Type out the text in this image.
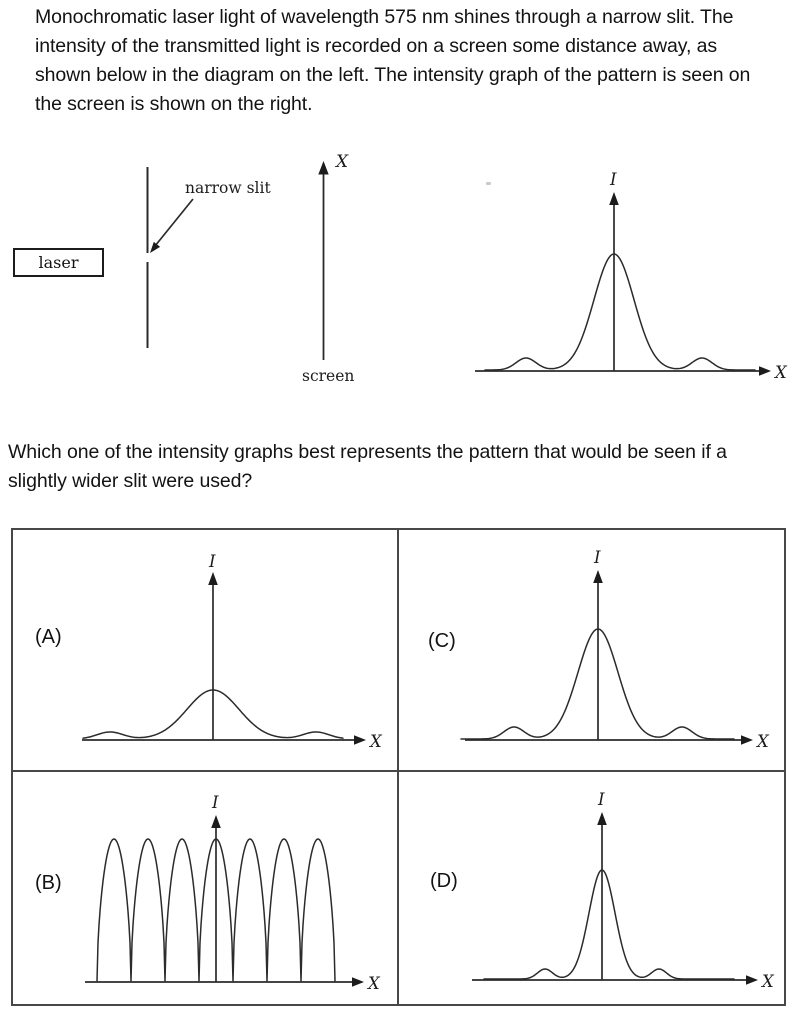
Monochromatic laser light of wavelength 575 nm shines through a narrow slit. The intensity of the transmitted light is recorded on a screen some distance away, as shown below in the diagram on the left. The intensity graph of the pattern is seen on the screen is shown on the right.
laser
narrow slit
X
screen	X
I
Which one of the intensity graphs best represents the pattern that would be seen if a slightly wider slit were used?
(A)
X
I
(C)
X
I
(B)
X
I
(D)
X
I
